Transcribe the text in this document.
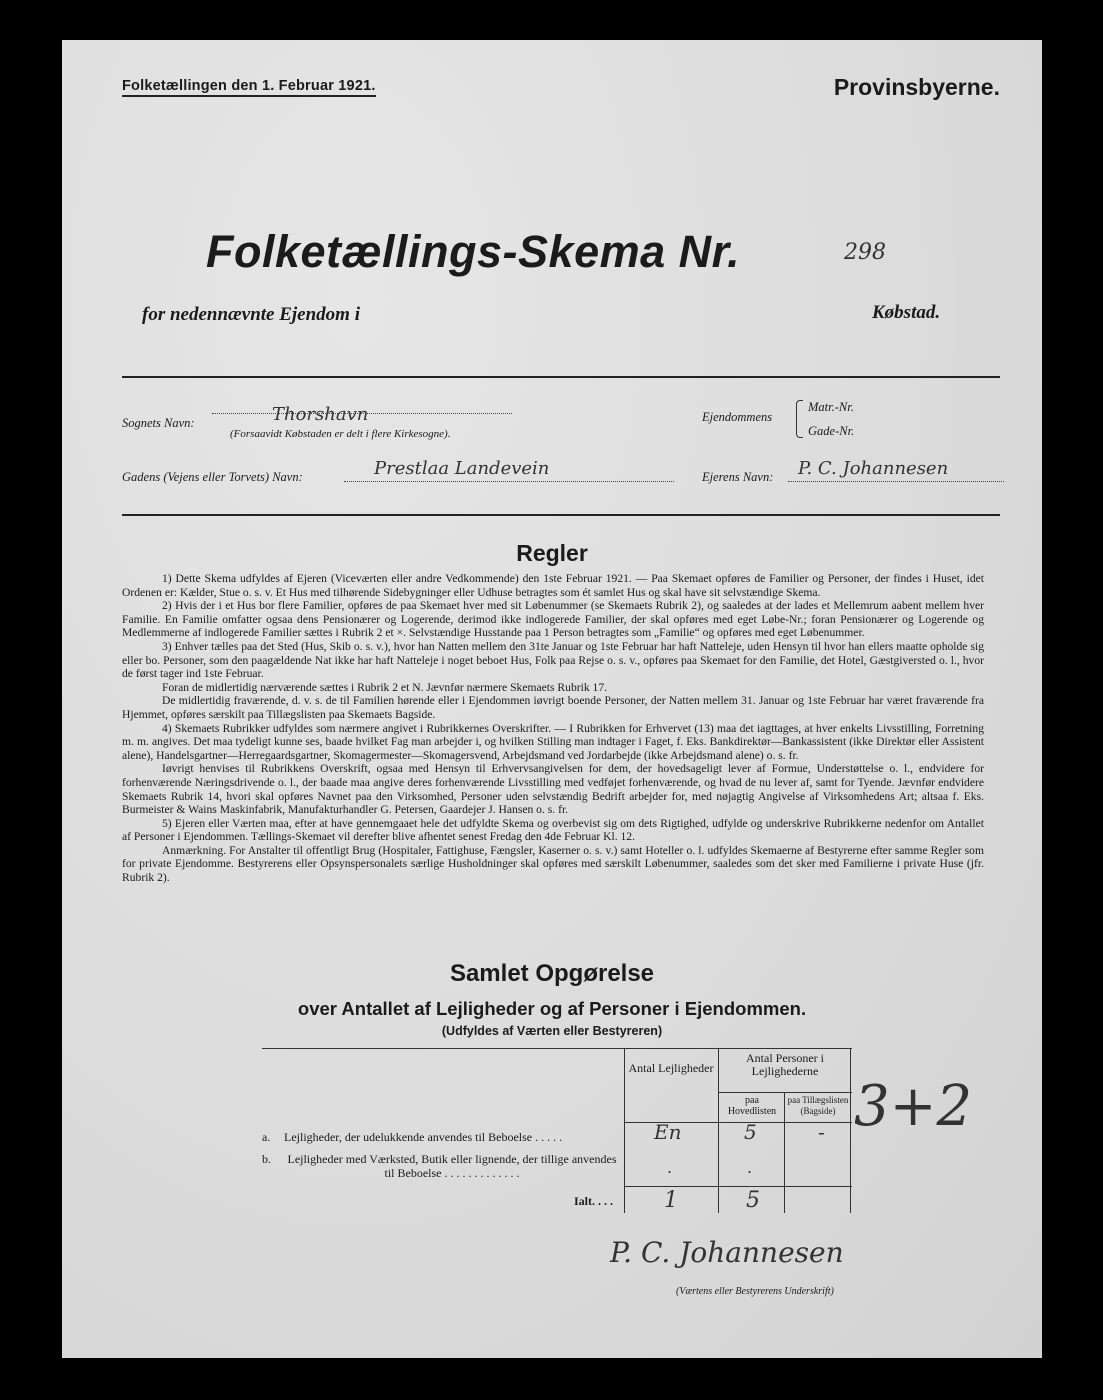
Folketællingen den 1. Februar 1921.	Provinsbyerne.
Folketællings-Skema Nr.	298
for nedennævnte Ejendom i	Købstad.
Sognets Navn:	Thorshavn
(Forsaavidt Købstaden er delt i flere Kirkesogne).
Ejendommens
Matr.-Nr.
Gade-Nr.
Gadens (Vejens eller Torvets) Navn:	Prestlaa Landevein	Ejerens Navn: P. C. Johannesen
Regler

1) Dette Skema udfyldes af Ejeren (Viceværten eller andre Vedkommende) den 1ste Februar 1921. — Paa Skemaet opføres de Familier og Personer, der findes i Huset, idet Ordenen er: Kælder, Stue o. s. v. Et Hus med tilhørende Sidebygninger eller Udhuse betragtes som ét samlet Hus og skal have sit selvstændige Skema.

2) Hvis der i et Hus bor flere Familier, opføres de paa Skemaet hver med sit Løbenummer (se Skemaets Rubrik 2), og saaledes at der lades et Mellemrum aabent mellem hver Familie. En Familie omfatter ogsaa dens Pensionærer og Logerende, derimod ikke indlogerede Familier, der skal opføres med eget Løbe-Nr.; foran Pensionærer og Logerende og Medlemmerne af indlogerede Familier sættes i Rubrik 2 et ×. Selvstændige Husstande paa 1 Person betragtes som „Familie“ og opføres med eget Løbenummer.

3) Enhver tælles paa det Sted (Hus, Skib o. s. v.), hvor han Natten mellem den 31te Januar og 1ste Februar har haft Natteleje, uden Hensyn til hvor han ellers maatte opholde sig eller bo. Personer, som den paagældende Nat ikke har haft Natteleje i noget beboet Hus, Folk paa Rejse o. s. v., opføres paa Skemaet for den Familie, det Hotel, Gæstgiversted o. l., hvor de først tager ind 1ste Februar.

Foran de midlertidig nærværende sættes i Rubrik 2 et N. Jævnfør nærmere Skemaets Rubrik 17.

De midlertidig fraværende, d. v. s. de til Familien hørende eller i Ejendommen iøvrigt boende Personer, der Natten mellem 31. Januar og 1ste Februar har været fraværende fra Hjemmet, opføres særskilt paa Tillægslisten paa Skemaets Bagside.

4) Skemaets Rubrikker udfyldes som nærmere angivet i Rubrikkernes Overskrifter. — I Rubrikken for Erhvervet (13) maa det iagttages, at hver enkelts Livsstilling, Forretning m. m. angives. Det maa tydeligt kunne ses, baade hvilket Fag man arbejder i, og hvilken Stilling man indtager i Faget, f. Eks. Bankdirektør—Bankassistent (ikke Direktør eller Assistent alene), Handelsgartner—Herregaardsgartner, Skomagermester—Skomagersvend, Arbejdsmand ved Jordarbejde (ikke Arbejdsmand alene) o. s. fr.

Iøvrigt henvises til Rubrikkens Overskrift, ogsaa med Hensyn til Erhvervsangivelsen for dem, der hovedsageligt lever af Formue, Understøttelse o. l., endvidere for forhenværende Næringsdrivende o. l., der baade maa angive deres forhenværende Livsstilling med vedføjet forhenværende, og hvad de nu lever af, samt for Tyende. Jævnfør endvidere Skemaets Rubrik 14, hvori skal opføres Navnet paa den Virksomhed, Personer uden selvstændig Bedrift arbejder for, med nøjagtig Angivelse af Virksomhedens Art; altsaa f. Eks. Burmeister & Wains Maskinfabrik, Manufakturhandler G. Petersen, Gaardejer J. Hansen o. s. fr.

5) Ejeren eller Værten maa, efter at have gennemgaaet hele det udfyldte Skema og overbevist sig om dets Rigtighed, udfylde og underskrive Rubrikkerne nedenfor om Antallet af Personer i Ejendommen. Tællings-Skemaet vil derefter blive afhentet senest Fredag den 4de Februar Kl. 12.

Anmærkning. For Anstalter til offentligt Brug (Hospitaler, Fattighuse, Fængsler, Kaserner o. s. v.) samt Hoteller o. l. udfyldes Skemaerne af Bestyrerne efter samme Regler som for private Ejendomme. Bestyrerens eller Opsynspersonalets særlige Husholdninger skal opføres med særskilt Løbenummer, saaledes som det sker med Familierne i private Huse (jfr. Rubrik 2).

Samlet Opgørelse
over Antallet af Lejligheder og af Personer i Ejendommen.
(Udfyldes af Værten eller Bestyreren)
Antal Lejligheder
Antal Personer i Lejlighederne
paa Hovedlisten
paa Tillægslisten (Bagside)
a. Lejligheder, der udelukkende anvendes til Beboelse . . . . .	En	5	-
b. Lejligheder med Værksted, Butik eller lignende, der tillige anvendes til Beboelse . . . . . . . . . . . . .	.	.
Ialt. . . . 1	5
3+2
P. C. Johannesen
(Værtens eller Bestyrerens Underskrift)
